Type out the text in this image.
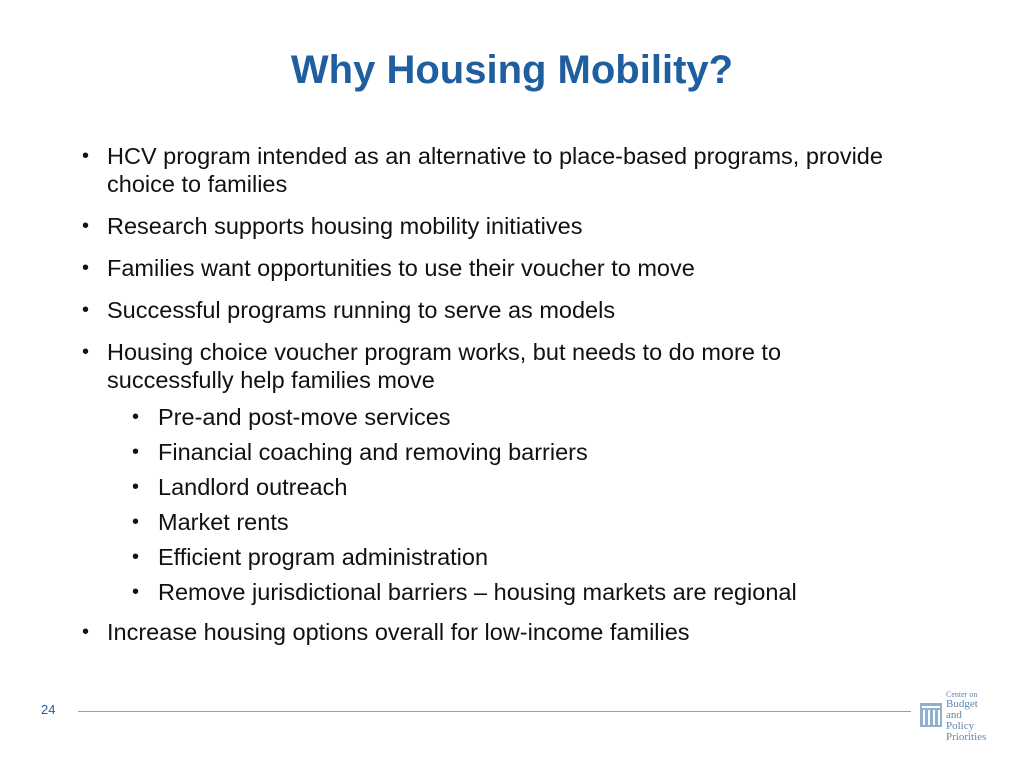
Why Housing Mobility?
• HCV program intended as an alternative to place-based programs, provide choice to families
• Research supports housing mobility initiatives
• Families want opportunities to use their voucher to move
• Successful programs running to serve as models
• Housing choice voucher program works, but needs to do more to successfully help families move
• Pre-and post-move services
• Financial coaching and removing barriers
• Landlord outreach
• Market rents
• Efficient program administration
• Remove jurisdictional barriers – housing markets are regional
• Increase housing options overall for low-income families
24
Center on
Budget
and Policy
Priorities
